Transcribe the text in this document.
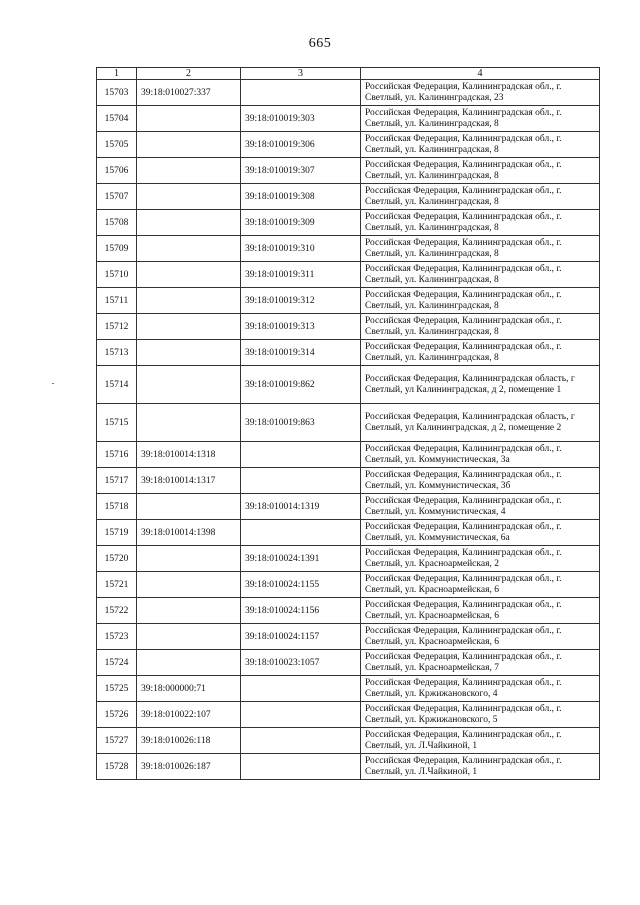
665
1	2	3	4
15703	39:18:010027:337		Российская Федерация, Калининградская обл., г. Светлый, ул. Калининградская, 23
15704		39:18:010019:303	Российская Федерация, Калининградская обл., г. Светлый, ул. Калининградская, 8
15705		39:18:010019:306	Российская Федерация, Калининградская обл., г. Светлый, ул. Калининградская, 8
15706		39:18:010019:307	Российская Федерация, Калининградская обл., г. Светлый, ул. Калининградская, 8
15707		39:18:010019:308	Российская Федерация, Калининградская обл., г. Светлый, ул. Калининградская, 8
15708		39:18:010019:309	Российская Федерация, Калининградская обл., г. Светлый, ул. Калининградская, 8
15709		39:18:010019:310	Российская Федерация, Калининградская обл., г. Светлый, ул. Калининградская, 8
15710		39:18:010019:311	Российская Федерация, Калининградская обл., г. Светлый, ул. Калининградская, 8
15711		39:18:010019:312	Российская Федерация, Калининградская обл., г. Светлый, ул. Калининградская, 8
15712		39:18:010019:313	Российская Федерация, Калининградская обл., г. Светлый, ул. Калининградская, 8
15713		39:18:010019:314	Российская Федерация, Калининградская обл., г. Светлый, ул. Калининградская, 8
15714		39:18:010019:862	Российская Федерация, Калининградская область, г Светлый, ул Калининградская, д 2, помещение 1
15715		39:18:010019:863	Российская Федерация, Калининградская область, г Светлый, ул Калининградская, д 2, помещение 2
15716	39:18:010014:1318		Российская Федерация, Калининградская обл., г. Светлый, ул. Коммунистическая, 3а
15717	39:18:010014:1317		Российская Федерация, Калининградская обл., г. Светлый, ул. Коммунистическая, 3б
15718		39:18:010014:1319	Российская Федерация, Калининградская обл., г. Светлый, ул. Коммунистическая, 4
15719	39:18:010014:1398		Российская Федерация, Калининградская обл., г. Светлый, ул. Коммунистическая, 6а
15720		39:18:010024:1391	Российская Федерация, Калининградская обл., г. Светлый, ул. Красноармейская, 2
15721		39:18:010024:1155	Российская Федерация, Калининградская обл., г. Светлый, ул. Красноармейская, 6
15722		39:18:010024:1156	Российская Федерация, Калининградская обл., г. Светлый, ул. Красноармейская, 6
15723		39:18:010024:1157	Российская Федерация, Калининградская обл., г. Светлый, ул. Красноармейская, 6
15724		39:18:010023:1057	Российская Федерация, Калининградская обл., г. Светлый, ул. Красноармейская, 7
15725	39:18:000000:71		Российская Федерация, Калининградская обл., г. Светлый, ул. Кржижановского, 4
15726	39:18:010022:107		Российская Федерация, Калининградская обл., г. Светлый, ул. Кржижановского, 5
15727	39:18:010026:118		Российская Федерация, Калининградская обл., г. Светлый, ул. Л.Чайкиной, 1
15728	39:18:010026:187		Российская Федерация, Калининградская обл., г. Светлый, ул. Л.Чайкиной, 1
